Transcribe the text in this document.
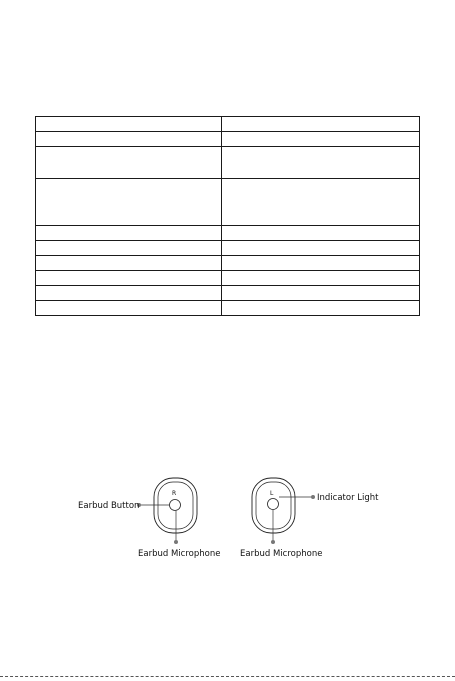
R	L
Earbud Button
Earbud Microphone
Indicator Light
Earbud Microphone
